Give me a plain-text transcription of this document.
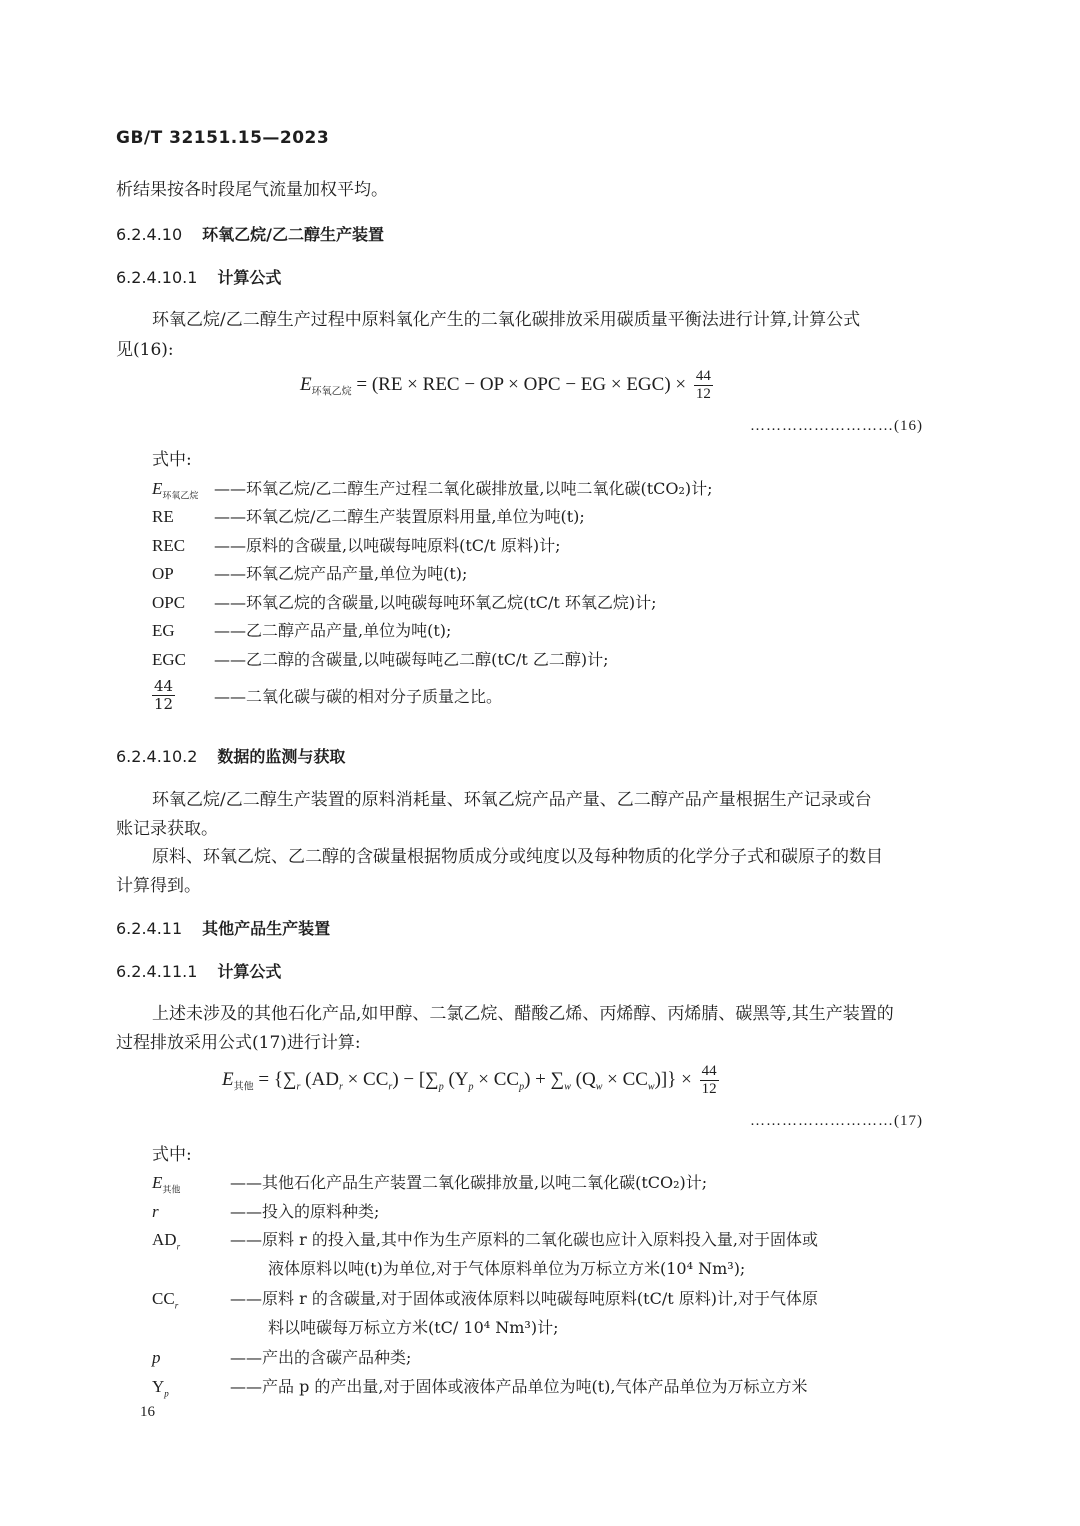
GB/T 32151.15—2023
析结果按各时段尾气流量加权平均。
6.2.4.10 环氧乙烷/乙二醇生产装置
6.2.4.10.1 计算公式
环氧乙烷/乙二醇生产过程中原料氧化产生的二氧化碳排放采用碳质量平衡法进行计算,计算公式
见(16):
$E_{环氧乙烷} = (RE$ × REC − OP × OPC − EG × $EGC) \times \frac{44}{12}$
………………………(16)
式中:
$E_{环氧乙烷}$ ——环氧乙烷/乙二醇生产过程二氧化碳排放量,以吨二氧化碳(tCO₂)计;
RE	——环氧乙烷/乙二醇生产装置原料用量,单位为吨(t);
REC ——原料的含碳量,以吨碳每吨原料(tC/t 原料)计;
OP	——环氧乙烷产品产量,单位为吨(t);
OPC ——环氧乙烷的含碳量,以吨碳每吨环氧乙烷(tC/t 环氧乙烷)计;
EG ——乙二醇产品产量,单位为吨(t);
EGC ——乙二醇的含碳量,以吨碳每吨乙二醇(tC/t 乙二醇)计;
$\frac{44}{12}$ ——二氧化碳与碳的相对分子质量之比。
6.2.4.10.2 数据的监测与获取
环氧乙烷/乙二醇生产装置的原料消耗量、环氧乙烷产品产量、乙二醇产品产量根据生产记录或台
账记录获取。
原料、环氧乙烷、乙二醇的含碳量根据物质成分或纯度以及每种物质的化学分子式和碳原子的数目
计算得到。
6.2.4.11 其他产品生产装置
6.2.4.11.1 计算公式
上述未涉及的其他石化产品,如甲醇、二氯乙烷、醋酸乙烯、丙烯醇、丙烯腈、碳黑等,其生产装置的
过程排放采用公式(17)进行计算:
$E_{其他} = \{\sum_r$ $(AD_r \times CC_r) - [\sum_p$ $(Y_p \times CC_p) + \sum_w$ $(Q_w \times CC_w)]\} \times \frac{44}{12}$
………………………(17)
式中:
$E_{其他}$	——其他石化产品生产装置二氧化碳排放量,以吨二氧化碳(tCO₂)计;
r	——投入的原料种类;
$AD_r$	——原料 r 的投入量,其中作为生产原料的二氧化碳也应计入原料投入量,对于固体或
液体原料以吨(t)为单位,对于气体原料单位为万标立方米(10⁴ Nm³);
$CC_r$	——原料 r 的含碳量,对于固体或液体原料以吨碳每吨原料(tC/t 原料)计,对于气体原
料以吨碳每万标立方米(tC/ 10⁴ Nm³)计;
p	——产出的含碳产品种类;
$Y_p$	——产品 p 的产出量,对于固体或液体产品单位为吨(t),气体产品单位为万标立方米
16
